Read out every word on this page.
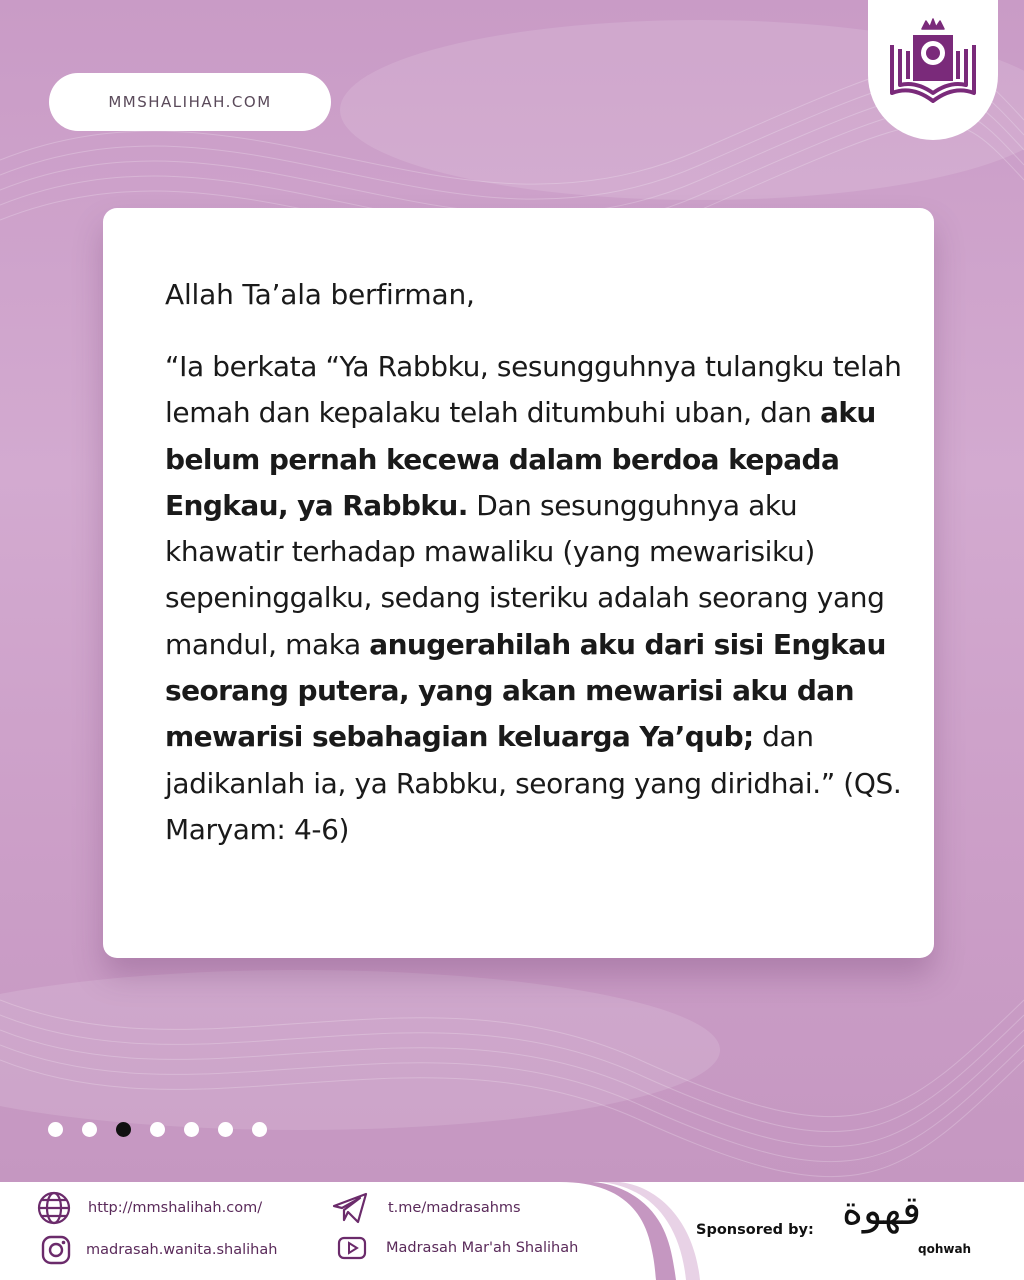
MMSHALIHAH.COM

Allah Ta’ala berfirman,

“Ia berkata “Ya Rabbku, sesungguhnya tulangku telah lemah dan kepalaku telah ditumbuhi uban, dan aku belum pernah kecewa dalam berdoa kepada Engkau, ya Rabbku. Dan sesungguhnya aku khawatir terhadap mawaliku (yang mewarisiku) sepeninggalku, sedang isteriku adalah seorang yang mandul, maka anugerahilah aku dari sisi Engkau seorang putera, yang akan mewarisi aku dan mewarisi sebahagian keluarga Ya’qub; dan jadikanlah ia, ya Rabbku, seorang yang diridhai.” (QS. Maryam: 4-6)

http://mmshalihah.com/
madrasah.wanita.shalihah
t.me/madrasahms
Madrasah Mar'ah Shalihah
Sponsored by: قهوة
qohwah
